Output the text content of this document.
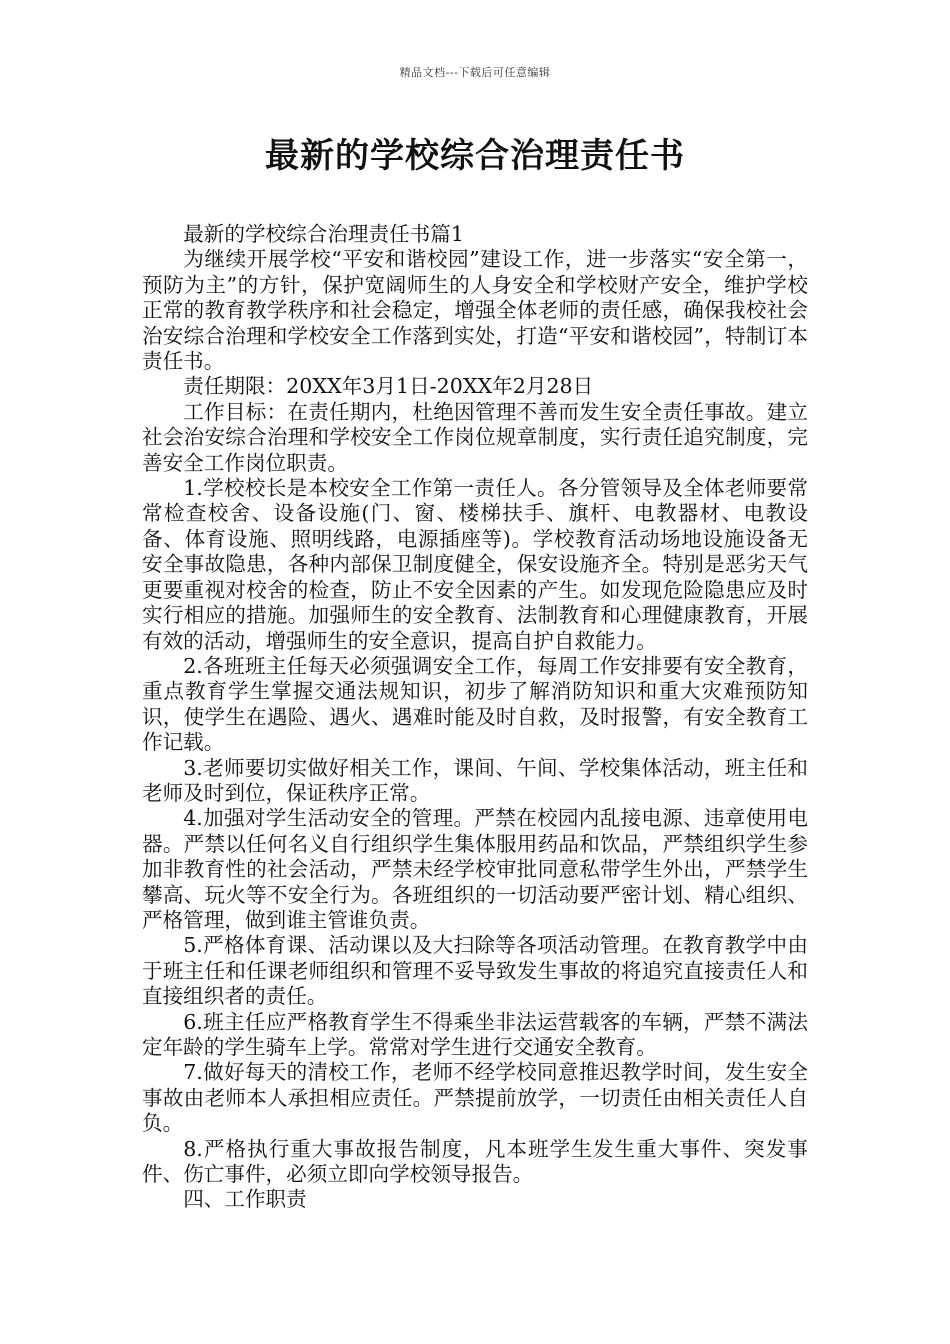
精品文档---下载后可任意编辑
最新的学校综合治理责任书

最新的学校综合治理责任书篇1

为继续开展学校“平安和谐校园”建设工作，进一步落实“安全第一，预防为主”的方针，保护宽阔师生的人身安全和学校财产安全，维护学校正常的教育教学秩序和社会稳定，增强全体老师的责任感，确保我校社会治安综合治理和学校安全工作落到实处，打造“平安和谐校园”，特制订本责任书。

责任期限：20XX年3月1日-20XX年2月28日

工作目标：在责任期内，杜绝因管理不善而发生安全责任事故。建立社会治安综合治理和学校安全工作岗位规章制度，实行责任追究制度，完善安全工作岗位职责。

1.学校校长是本校安全工作第一责任人。各分管领导及全体老师要常常检查校舍、设备设施(门、窗、楼梯扶手、旗杆、电教器材、电教设备、体育设施、照明线路，电源插座等)。学校教育活动场地设施设备无安全事故隐患，各种内部保卫制度健全，保安设施齐全。特别是恶劣天气更要重视对校舍的检查，防止不安全因素的产生。如发现危险隐患应及时实行相应的措施。加强师生的安全教育、法制教育和心理健康教育，开展有效的活动，增强师生的安全意识，提高自护自救能力。

2.各班班主任每天必须强调安全工作，每周工作安排要有安全教育，重点教育学生掌握交通法规知识，初步了解消防知识和重大灾难预防知识，使学生在遇险、遇火、遇难时能及时自救，及时报警，有安全教育工作记载。

3.老师要切实做好相关工作，课间、午间、学校集体活动，班主任和老师及时到位，保证秩序正常。

4.加强对学生活动安全的管理。严禁在校园内乱接电源、违章使用电器。严禁以任何名义自行组织学生集体服用药品和饮品，严禁组织学生参加非教育性的社会活动，严禁未经学校审批同意私带学生外出，严禁学生攀高、玩火等不安全行为。各班组织的一切活动要严密计划、精心组织、严格管理，做到谁主管谁负责。

5.严格体育课、活动课以及大扫除等各项活动管理。在教育教学中由于班主任和任课老师组织和管理不妥导致发生事故的将追究直接责任人和直接组织者的责任。

6.班主任应严格教育学生不得乘坐非法运营载客的车辆，严禁不满法定年龄的学生骑车上学。常常对学生进行交通安全教育。

7.做好每天的清校工作，老师不经学校同意推迟教学时间，发生安全事故由老师本人承担相应责任。严禁提前放学，一切责任由相关责任人自负。

8.严格执行重大事故报告制度，凡本班学生发生重大事件、突发事件、伤亡事件，必须立即向学校领导报告。

四、工作职责
